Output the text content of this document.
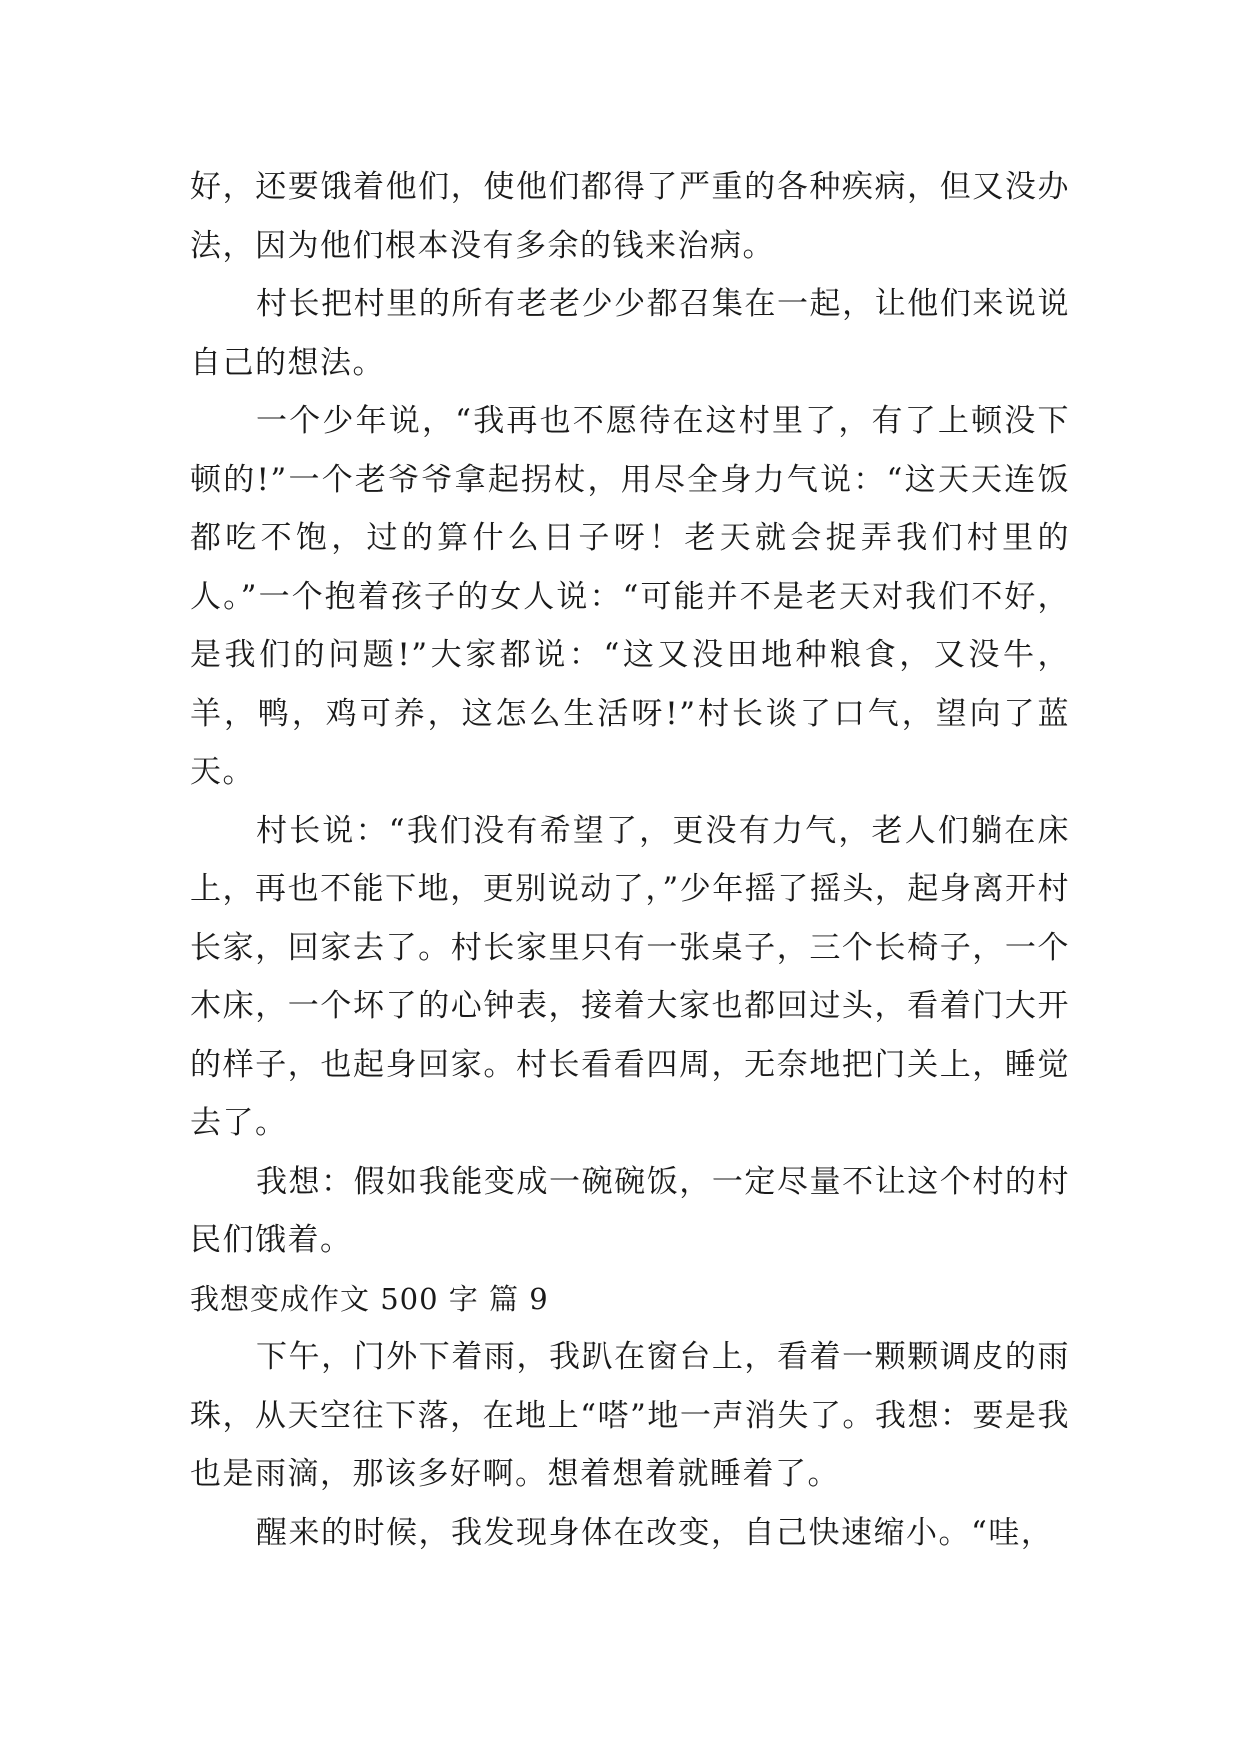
好，还要饿着他们，使他们都得了严重的各种疾病，但又没办法，因为他们根本没有多余的钱来治病。

村长把村里的所有老老少少都召集在一起，让他们来说说自己的想法。

一个少年说，“我再也不愿待在这村里了，有了上顿没下顿的!”一个老爷爷拿起拐杖，用尽全身力气说：“这天天连饭都吃不饱，过的算什么日子呀！老天就会捉弄我们村里的人。”一个抱着孩子的女人说：“可能并不是老天对我们不好，是我们的问题!”大家都说：“这又没田地种粮食，又没牛，羊，鸭，鸡可养，这怎么生活呀!”村长谈了口气，望向了蓝天。

村长说：“我们没有希望了，更没有力气，老人们躺在床上，再也不能下地，更别说动了，”少年摇了摇头，起身离开村长家，回家去了。村长家里只有一张桌子，三个长椅子，一个木床，一个坏了的心钟表，接着大家也都回过头，看着门大开的样子，也起身回家。村长看看四周，无奈地把门关上，睡觉去了。

我想：假如我能变成一碗碗饭，一定尽量不让这个村的村民们饿着。

我想变成作文 500 字 篇 9

下午，门外下着雨，我趴在窗台上，看着一颗颗调皮的雨珠，从天空往下落，在地上“嗒”地一声消失了。我想：要是我也是雨滴，那该多好啊。想着想着就睡着了。

醒来的时候，我发现身体在改变，自己快速缩小。“哇，
